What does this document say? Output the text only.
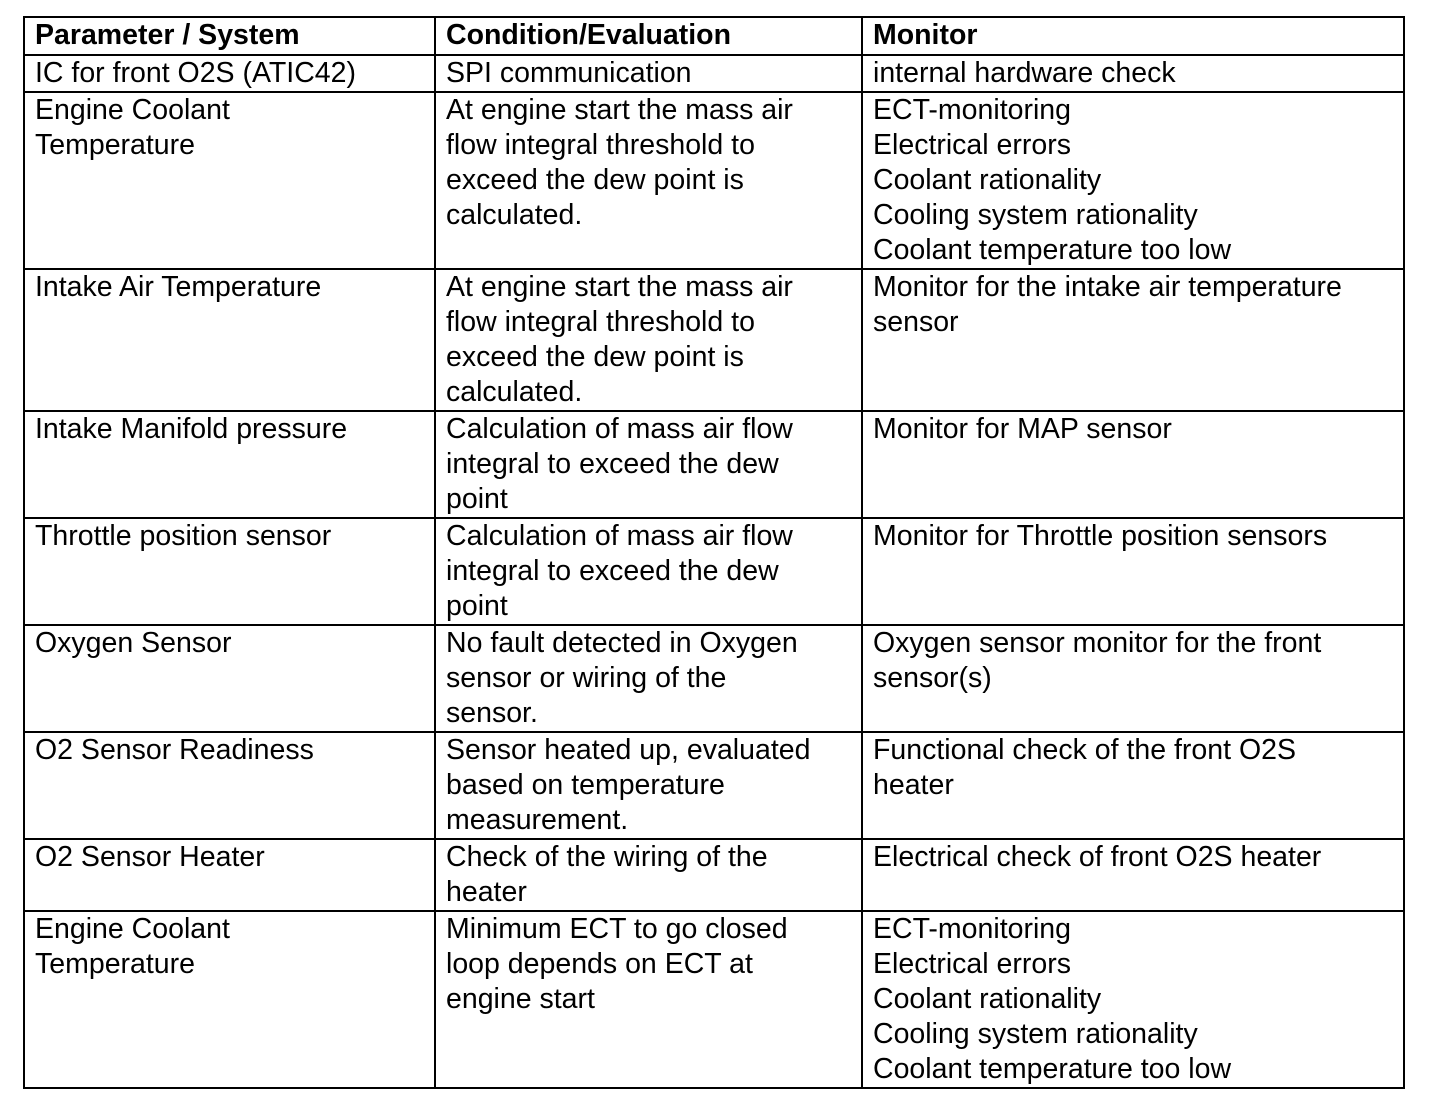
Parameter / System	Condition/Evaluation	Monitor

IC for front O2S (ATIC42)	SPI communication	internal hardware check

Engine Coolant
Temperature	At engine start the mass air
flow integral threshold to
exceed the dew point is
calculated.	ECT-monitoring
Electrical errors
Coolant rationality
Cooling system rationality
Coolant temperature too low

Intake Air Temperature	At engine start the mass air
flow integral threshold to
exceed the dew point is
calculated.	Monitor for the intake air temperature
sensor

Intake Manifold pressure	Calculation of mass air flow
integral to exceed the dew
point	Monitor for MAP sensor

Throttle position sensor	Calculation of mass air flow
integral to exceed the dew
point	Monitor for Throttle position sensors

Oxygen Sensor	No fault detected in Oxygen
sensor or wiring of the
sensor.	Oxygen sensor monitor for the front
sensor(s)

O2 Sensor Readiness	Sensor heated up, evaluated
based on temperature
measurement.	Functional check of the front O2S
heater

O2 Sensor Heater	Check of the wiring of the
heater	Electrical check of front O2S heater

Engine Coolant
Temperature	Minimum ECT to go closed
loop depends on ECT at
engine start	ECT-monitoring
Electrical errors
Coolant rationality
Cooling system rationality
Coolant temperature too low
